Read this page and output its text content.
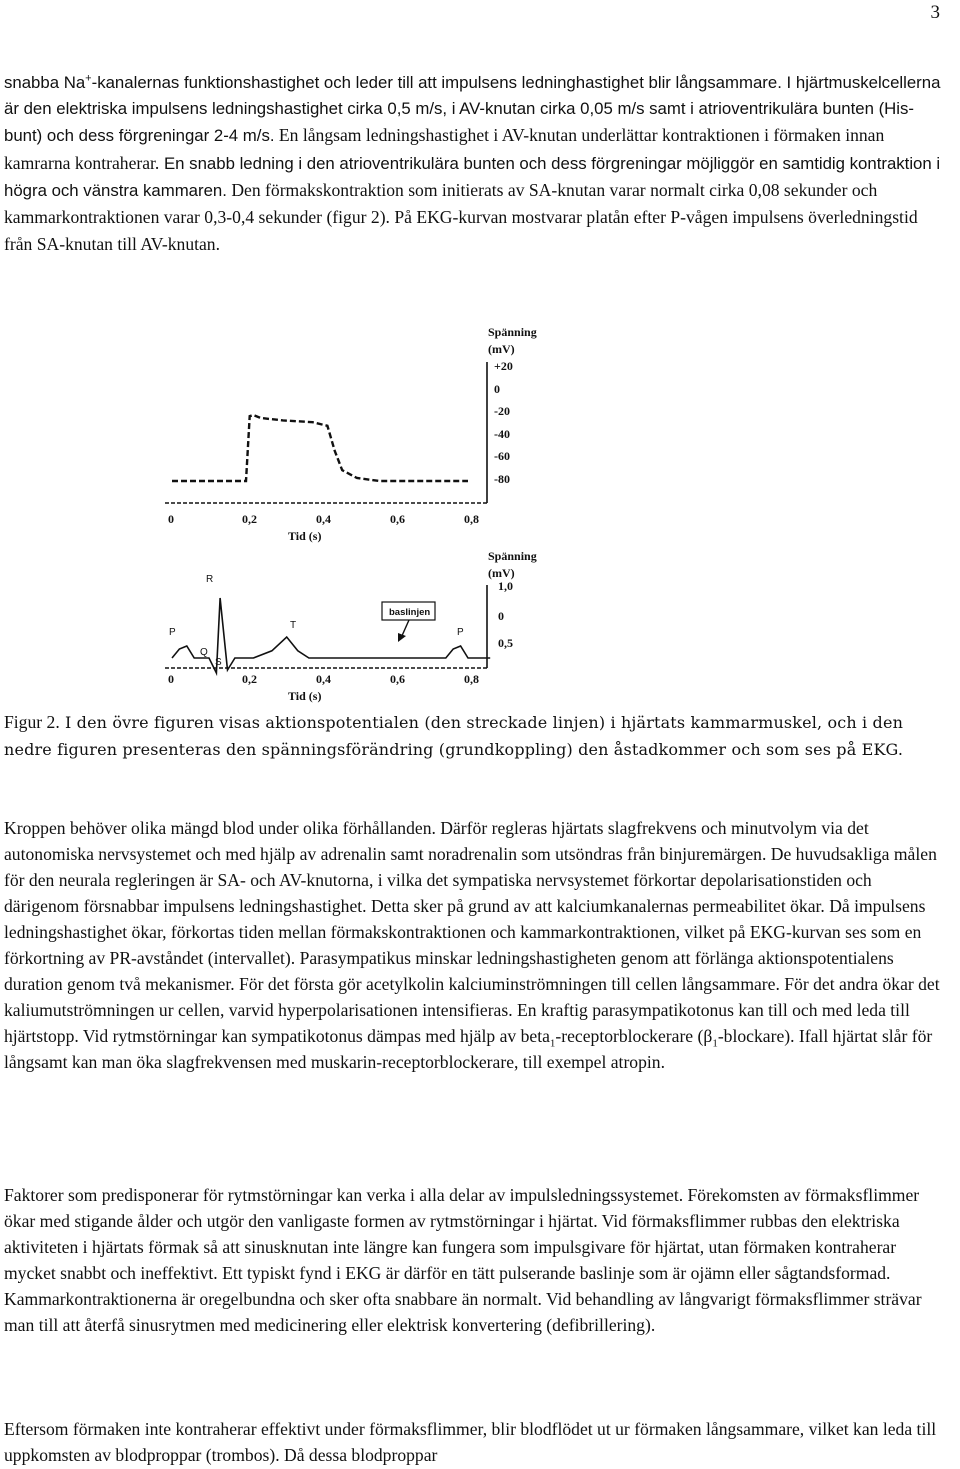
3

snabba Na+-kanalernas funktionshastighet och leder till att impulsens ledninghastighet blir långsammare. I hjärtmuskelcellerna är den elektriska impulsens ledningshastighet cirka 0,5 m/s, i AV-knutan cirka 0,05 m/s samt i atrioventrikulära bunten (His-bunt) och dess förgreningar 2-4 m/s. En långsam ledningshastighet i AV-knutan underlättar kontraktionen i förmaken innan kamrarna kontraherar. En snabb ledning i den atrioventrikulära bunten och dess förgreningar möjliggör en samtidig kontraktion i högra och vänstra kammaren. Den förmakskontraktion som initierats av SA-knutan varar normalt cirka 0,08 sekunder och kammarkontraktionen varar 0,3-0,4 sekunder (figur 2). På EKG-kurvan mostvarar platån efter P-vågen impulsens överledningstid från SA-knutan till AV-knutan.

Spänning
(mV)
+20
0
-20
-40
-60
-80
0	0,2	0,4	0,6	0,8
Tid (s)
Spänning
(mV)
1,0
0
0,5
P
R
Q
S
T
P
baslinjen
0	0,2	0,4	0,6	0,8
Tid (s)

Figur 2. I den övre figuren visas aktionspotentialen (den streckade linjen) i hjärtats kammarmuskel, och i den nedre figuren presenteras den spänningsförändring (grundkoppling) den åstadkommer och som ses på EKG.

Kroppen behöver olika mängd blod under olika förhållanden. Därför regleras hjärtats slagfrekvens och minutvolym via det autonomiska nervsystemet och med hjälp av adrenalin samt noradrenalin som utsöndras från binjuremärgen. De huvudsakliga målen för den neurala regleringen är SA- och AV-knutorna, i vilka det sympatiska nervsystemet förkortar depolarisationstiden och därigenom försnabbar impulsens ledningshastighet. Detta sker på grund av att kalciumkanalernas permeabilitet ökar. Då impulsens ledningshastighet ökar, förkortas tiden mellan förmakskontraktionen och kammarkontraktionen, vilket på EKG-kurvan ses som en förkortning av PR-avståndet (intervallet). Parasympatikus minskar ledningshastigheten genom att förlänga aktionspotentialens duration genom två mekanismer. För det första gör acetylkolin kalciuminströmningen till cellen långsammare. För det andra ökar det kaliumutströmningen ur cellen, varvid hyperpolarisationen intensifieras. En kraftig parasympatikotonus kan till och med leda till hjärtstopp. Vid rytmstörningar kan sympatikotonus dämpas med hjälp av beta$_1$-receptorblockerare $(\beta_1-blockare)$. Ifall hjärtat slår för långsamt kan man öka slagfrekvensen med muskarin-receptorblockerare, till exempel atropin.

Faktorer som predisponerar för rytmstörningar kan verka i alla delar av impulsledningssystemet. Förekomsten av förmaksflimmer ökar med stigande ålder och utgör den vanligaste formen av rytmstörningar i hjärtat. Vid förmaksflimmer rubbas den elektriska aktiviteten i hjärtats förmak så att sinusknutan inte längre kan fungera som impulsgivare för hjärtat, utan förmaken kontraherar mycket snabbt och ineffektivt. Ett typiskt fynd i EKG är därför en tätt pulserande baslinje som är ojämn eller sågtandsformad. Kammarkontraktionerna är oregelbundna och sker ofta snabbare än normalt. Vid behandling av långvarigt förmaksflimmer strävar man till att återfå sinusrytmen med medicinering eller elektrisk konvertering (defibrillering).

Eftersom förmaken inte kontraherar effektivt under förmaksflimmer, blir blodflödet ut ur förmaken långsammare, vilket kan leda till uppkomsten av blodproppar (trombos). Då dessa blodproppar
